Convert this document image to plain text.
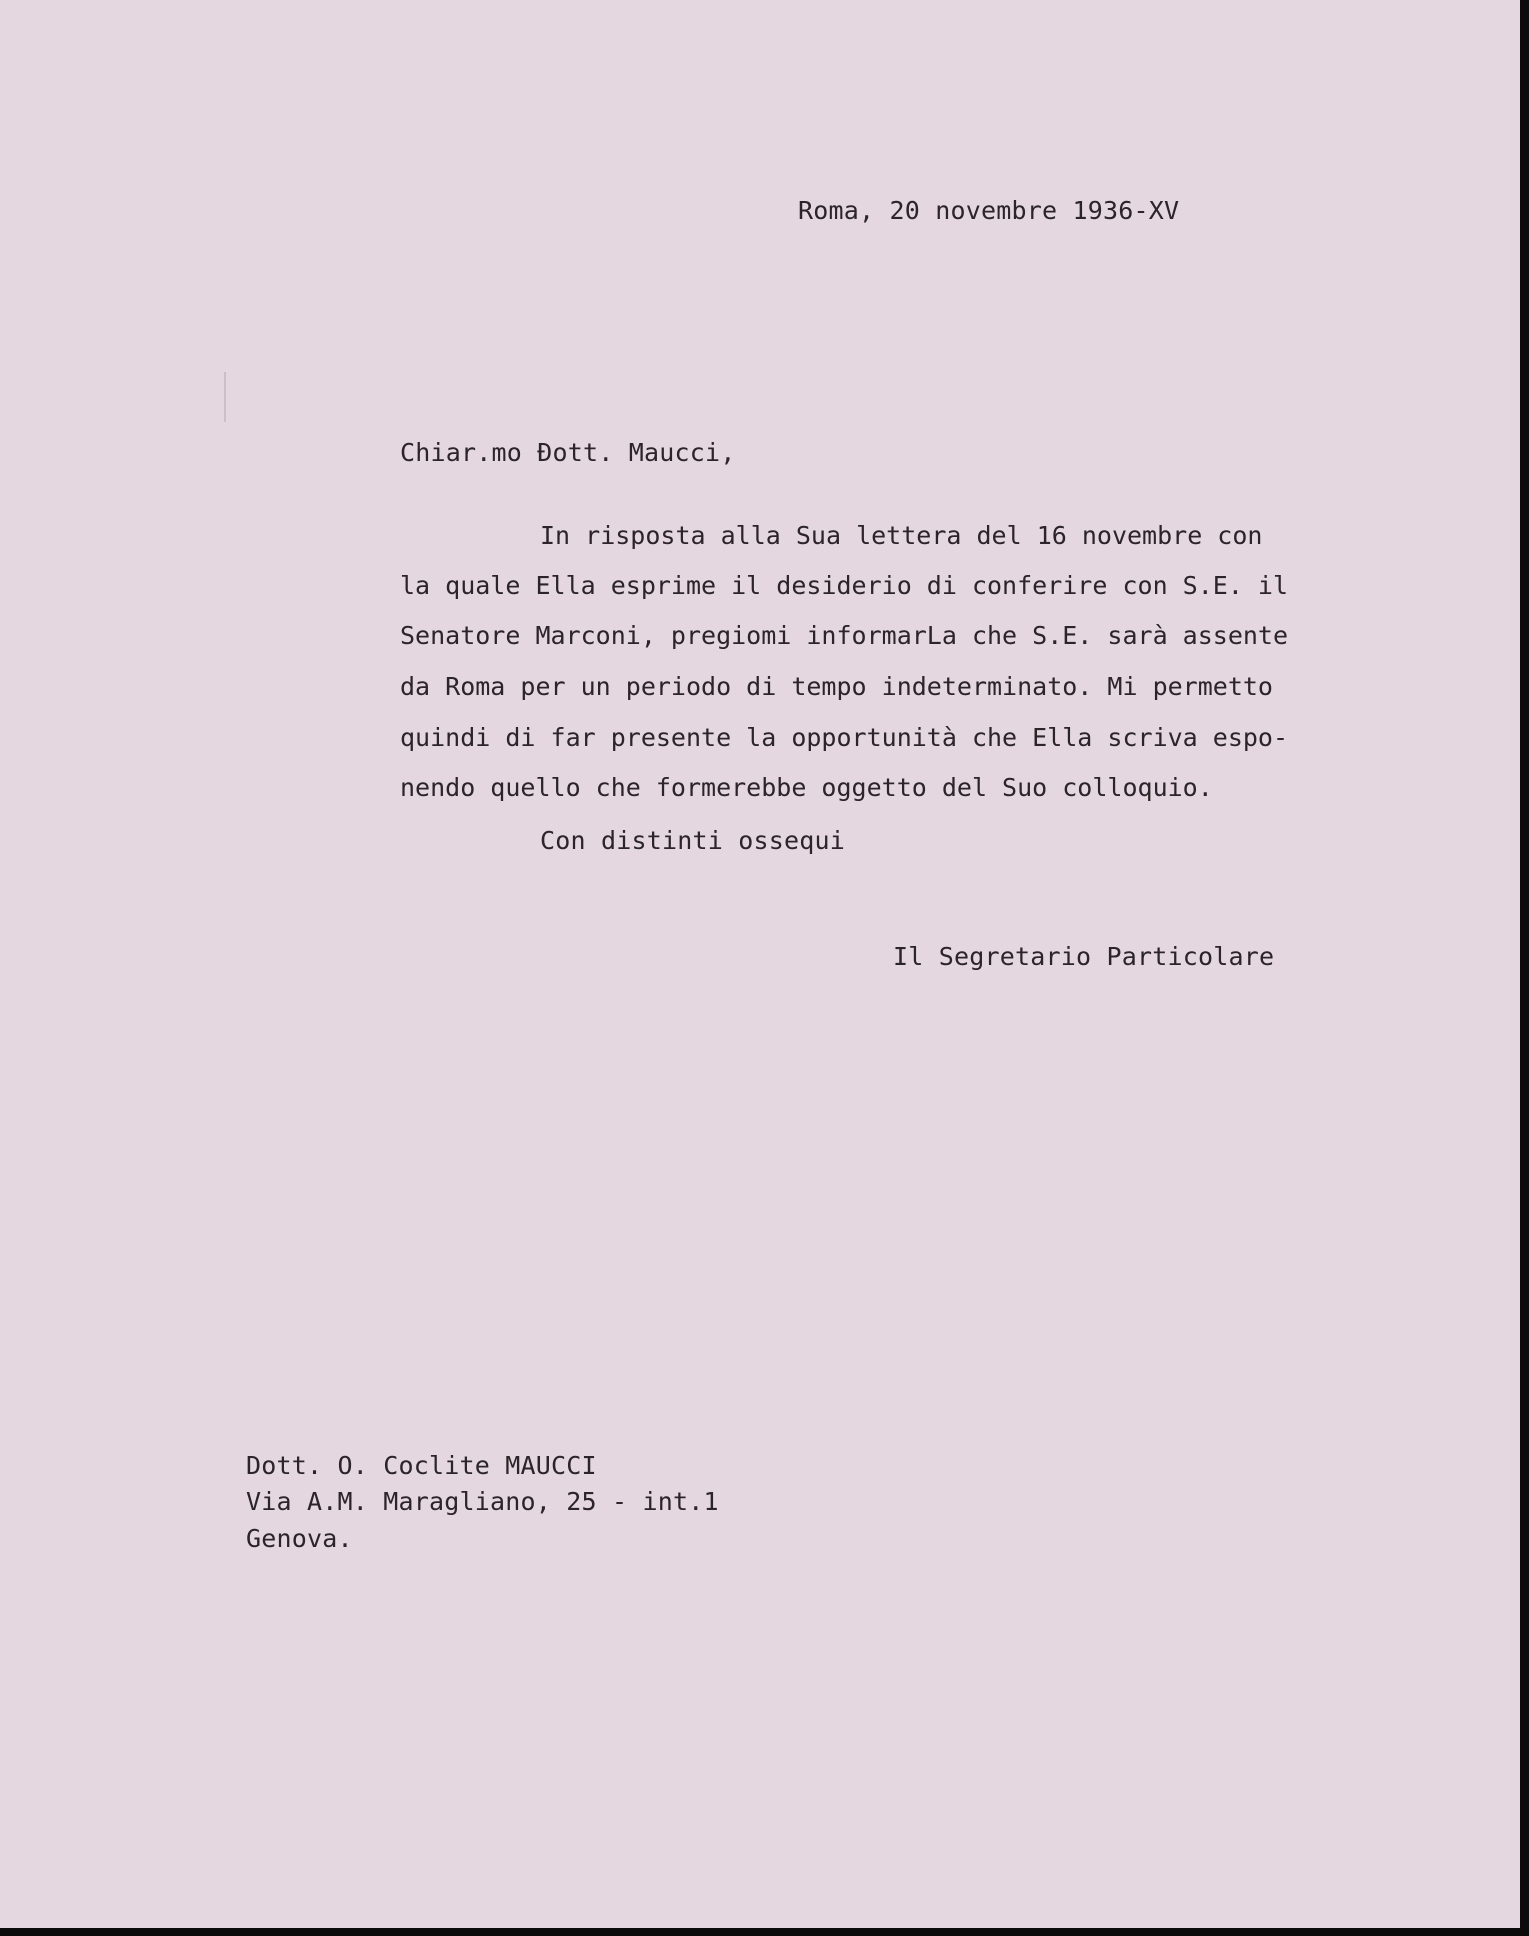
Roma, 20 novembre 1936-XV
Chiar.mo Ðott. Maucci,
In risposta alla Sua lettera del 16 novembre con
la quale Ella esprime il desiderio di conferire con S.E. il
Senatore Marconi, pregiomi informarLa che S.E. sarà assente
da Roma per un periodo di tempo indeterminato. Mi permetto
quindi di far presente la opportunità che Ella scriva espo-
nendo quello che formerebbe oggetto del Suo colloquio.
Con distinti ossequi
Il Segretario Particolare
Dott. O. Coclite MAUCCI
Via A.M. Maragliano, 25 - int.1
Genova.
